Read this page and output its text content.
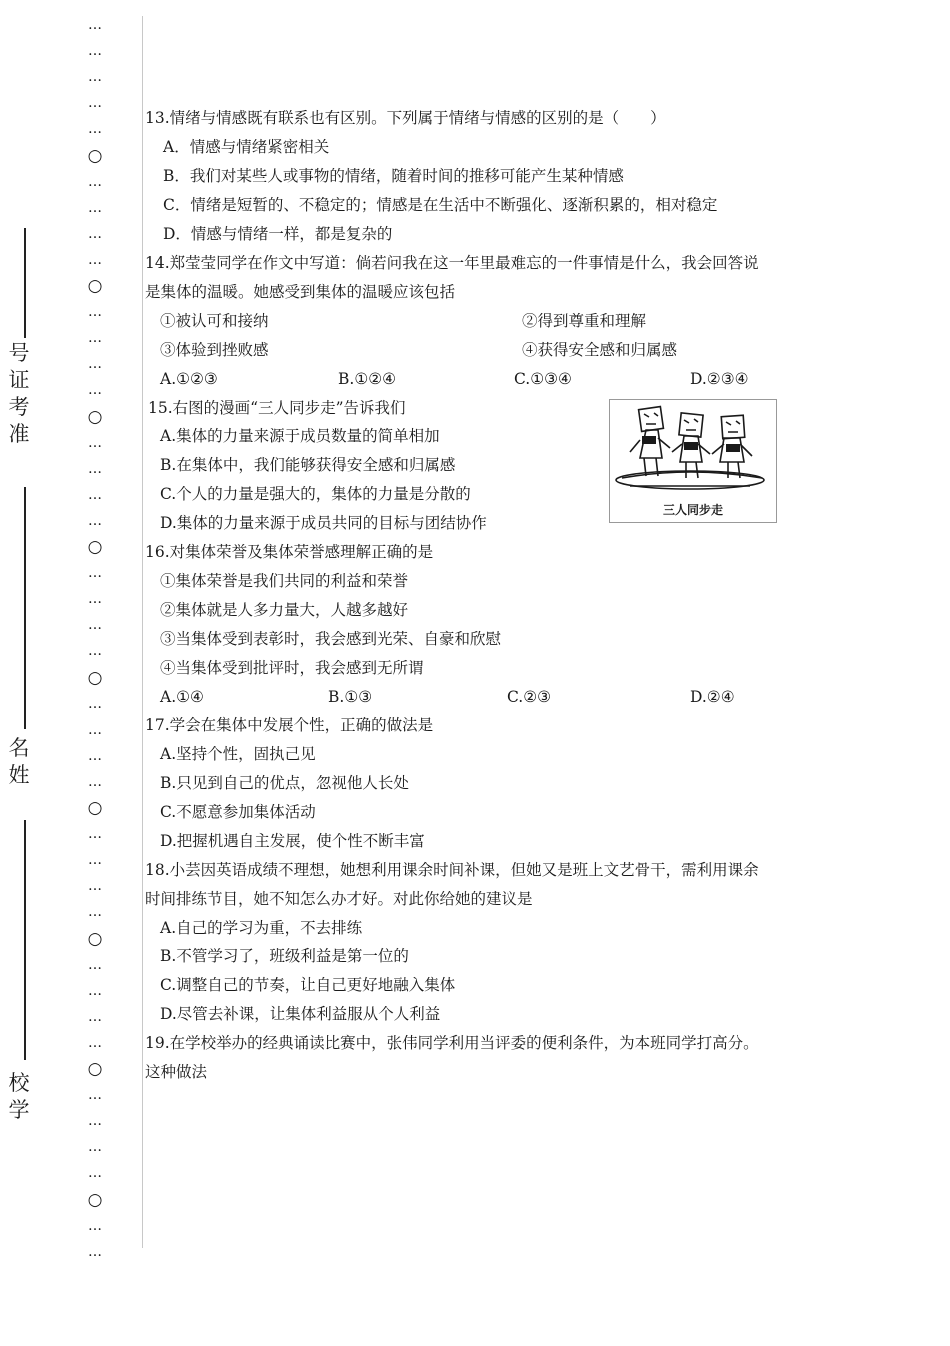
…
…
…
…
…
○
…
…
…
…
○
…
…
…
…
○
…
…
…
…
○
…
…
…
…
○
…
…
…
…
○
…
…
…
…
○
…
…
…
…
○
…
…
…
…
○
…
…
号
证
考
准
名
姓
校
学
13.情绪与情感既有联系也有区别。下列属于情绪与情感的区别的是（　　）
A．情感与情绪紧密相关
B．我们对某些人或事物的情绪，随着时间的推移可能产生某种情感
C．情绪是短暂的、不稳定的；情感是在生活中不断强化、逐渐积累的，相对稳定
D．情感与情绪一样，都是复杂的
14.郑莹莹同学在作文中写道：倘若问我在这一年里最难忘的一件事情是什么，我会回答说
是集体的温暖。她感受到集体的温暖应该包括
①被认可和接纳	②得到尊重和理解
③体验到挫败感	④获得安全感和归属感
A.①②③	B.①②④	C.①③④	D.②③④
15.右图的漫画“三人同步走”告诉我们
A.集体的力量来源于成员数量的简单相加
B.在集体中，我们能够获得安全感和归属感
C.个人的力量是强大的，集体的力量是分散的
D.集体的力量来源于成员共同的目标与团结协作
三人同步走
16.对集体荣誉及集体荣誉感理解正确的是
①集体荣誉是我们共同的利益和荣誉
②集体就是人多力量大，人越多越好
③当集体受到表彰时，我会感到光荣、自豪和欣慰
④当集体受到批评时，我会感到无所谓
A.①④	B.①③	C.②③	D.②④
17.学会在集体中发展个性，正确的做法是
A.坚持个性，固执己见
B.只见到自己的优点，忽视他人长处
C.不愿意参加集体活动
D.把握机遇自主发展，使个性不断丰富
18.小芸因英语成绩不理想，她想利用课余时间补课，但她又是班上文艺骨干，需利用课余
时间排练节目，她不知怎么办才好。对此你给她的建议是
A.自己的学习为重，不去排练
B.不管学习了，班级利益是第一位的
C.调整自己的节奏，让自己更好地融入集体
D.尽管去补课，让集体利益服从个人利益
19.在学校举办的经典诵读比赛中，张伟同学利用当评委的便利条件，为本班同学打高分。
这种做法
